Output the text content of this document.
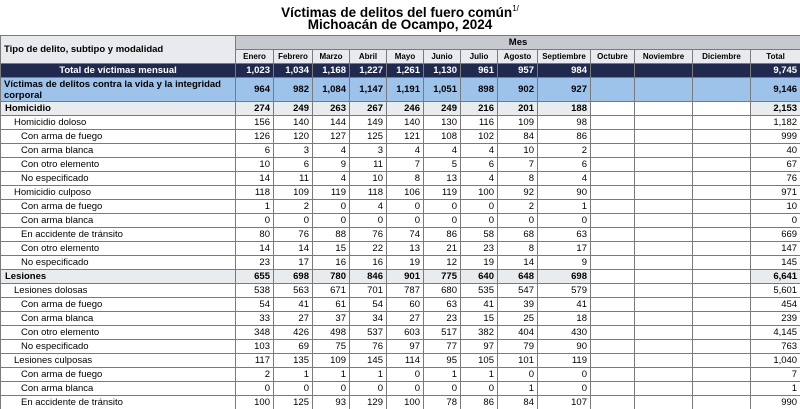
Víctimas de delitos del fuero común$^{1/}$
Michoacán de Ocampo, 2024
Tipo de delito, subtipo y modalidad	Mes												
	Enero	Febrero	Marzo	Abril	Mayo	Junio	Julio	Agosto	Septiembre	Octubre	Noviembre	Diciembre	Total
Total de víctimas mensual	1,023	1,034	1,168	1,227	1,261	1,130	961	957	984				9,745
Víctimas de delitos contra la vida y la integridad corporal	964	982	1,084	1,147	1,191	1,051	898	902	927				9,146
Homicidio	274	249	263	267	246	249	216	201	188				2,153
Homicidio doloso	156	140	144	149	140	130	116	109	98				1,182
Con arma de fuego	126	120	127	125	121	108	102	84	86				999
Con arma blanca	6	3	4	3	4	4	4	10	2				40
Con otro elemento	10	6	9	11	7	5	6	7	6				67
No especificado	14	11	4	10	8	13	4	8	4				76
Homicidio culposo	118	109	119	118	106	119	100	92	90				971
Con arma de fuego	1	2	0	4	0	0	0	2	1				10
Con arma blanca	0	0	0	0	0	0	0	0	0				0
En accidente de tránsito	80	76	88	76	74	86	58	68	63				669
Con otro elemento	14	14	15	22	13	21	23	8	17				147
No especificado	23	17	16	16	19	12	19	14	9				145
Lesiones	655	698	780	846	901	775	640	648	698				6,641
Lesiones dolosas	538	563	671	701	787	680	535	547	579				5,601
Con arma de fuego	54	41	61	54	60	63	41	39	41				454
Con arma blanca	33	27	37	34	27	23	15	25	18				239
Con otro elemento	348	426	498	537	603	517	382	404	430				4,145
No especificado	103	69	75	76	97	77	97	79	90				763
Lesiones culposas	117	135	109	145	114	95	105	101	119				1,040
Con arma de fuego	2	1	1	1	0	1	1	0	0				7
Con arma blanca	0	0	0	0	0	0	0	1	0				1
En accidente de tránsito	100	125	93	129	100	78	86	84	107				990
